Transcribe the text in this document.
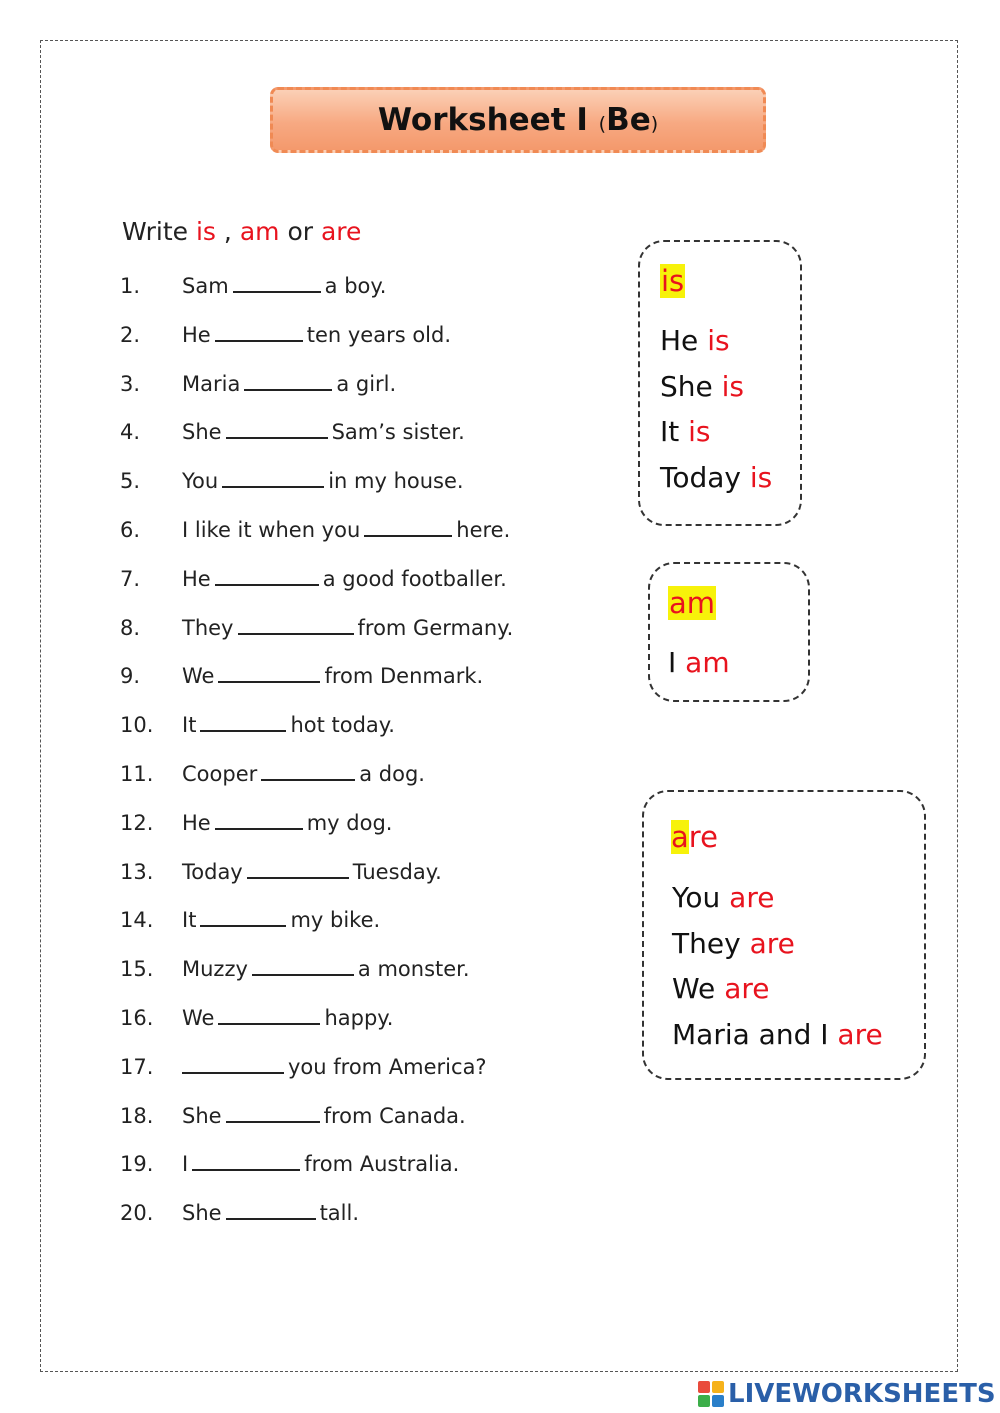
Worksheet I (Be)
Write is , am or are
1. Sam	a boy.
2. He	ten years old.
3. Maria	a girl.
4. She	Sam’s sister.
5. You	in my house.
6. I like it when you	here.
7. He	a good footballer.
8. They	from Germany.
9. We	from Denmark.
10. It	hot today.
11. Cooper	a dog.
12. He	my dog.
13. Today	Tuesday.
14. It	my bike.
15. Muzzy	a monster.
16. We	happy.
17.	you from America?
18. She	from Canada.
19. I	from Australia.
20. She	tall.
is
He is
She is
It is
Today is
am
I am
are
You are
They are
We are
Maria and I are
LIVEWORKSHEETS
